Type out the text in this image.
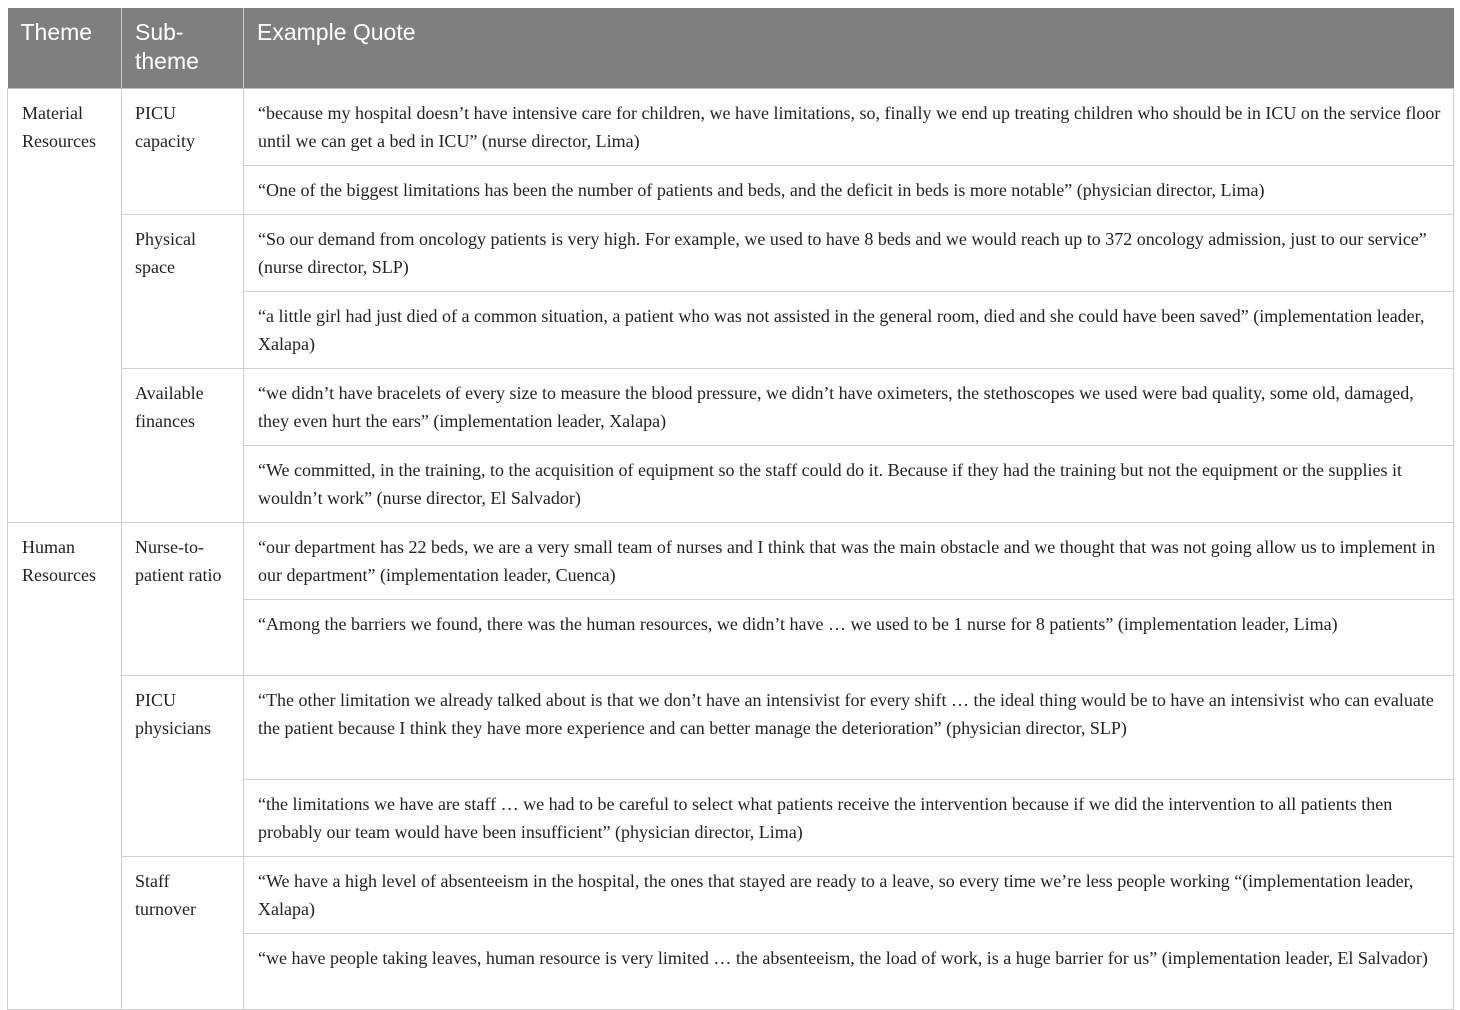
Theme	Sub-theme	Example Quote
Material Resources	PICU capacity	“because my hospital doesn’t have intensive care for children, we have limitations, so, finally we end up treating children who should be in ICU on the service floor until we can get a bed in ICU” (nurse director, Lima)
		“One of the biggest limitations has been the number of patients and beds, and the deficit in beds is more notable” (physician director, Lima)
	Physical space	“So our demand from oncology patients is very high. For example, we used to have 8 beds and we would reach up to 372 oncology admission, just to our service” (nurse director, SLP)
		“a little girl had just died of a common situation, a patient who was not assisted in the general room, died and she could have been saved” (implementation leader, Xalapa)
	Available finances	“we didn’t have bracelets of every size to measure the blood pressure, we didn’t have oximeters, the stethoscopes we used were bad quality, some old, damaged, they even hurt the ears” (implementation leader, Xalapa)
		“We committed, in the training, to the acquisition of equipment so the staff could do it. Because if they had the training but not the equipment or the supplies it wouldn’t work” (nurse director, El Salvador)
Human Resources	Nurse-to-patient ratio	“our department has 22 beds, we are a very small team of nurses and I think that was the main obstacle and we thought that was not going allow us to implement in our department” (implementation leader, Cuenca)
		“Among the barriers we found, there was the human resources, we didn’t have … we used to be 1 nurse for 8 patients” (implementation leader, Lima)
	PICU physicians	“The other limitation we already talked about is that we don’t have an intensivist for every shift … the ideal thing would be to have an intensivist who can evaluate the patient because I think they have more experience and can better manage the deterioration” (physician director, SLP)
		“the limitations we have are staff … we had to be careful to select what patients receive the intervention because if we did the intervention to all patients then probably our team would have been insufficient” (physician director, Lima)
	Staff turnover	“We have a high level of absenteeism in the hospital, the ones that stayed are ready to a leave, so every time we’re less people working “(implementation leader, Xalapa)
		“we have people taking leaves, human resource is very limited … the absenteeism, the load of work, is a huge barrier for us” (implementation leader, El Salvador)
